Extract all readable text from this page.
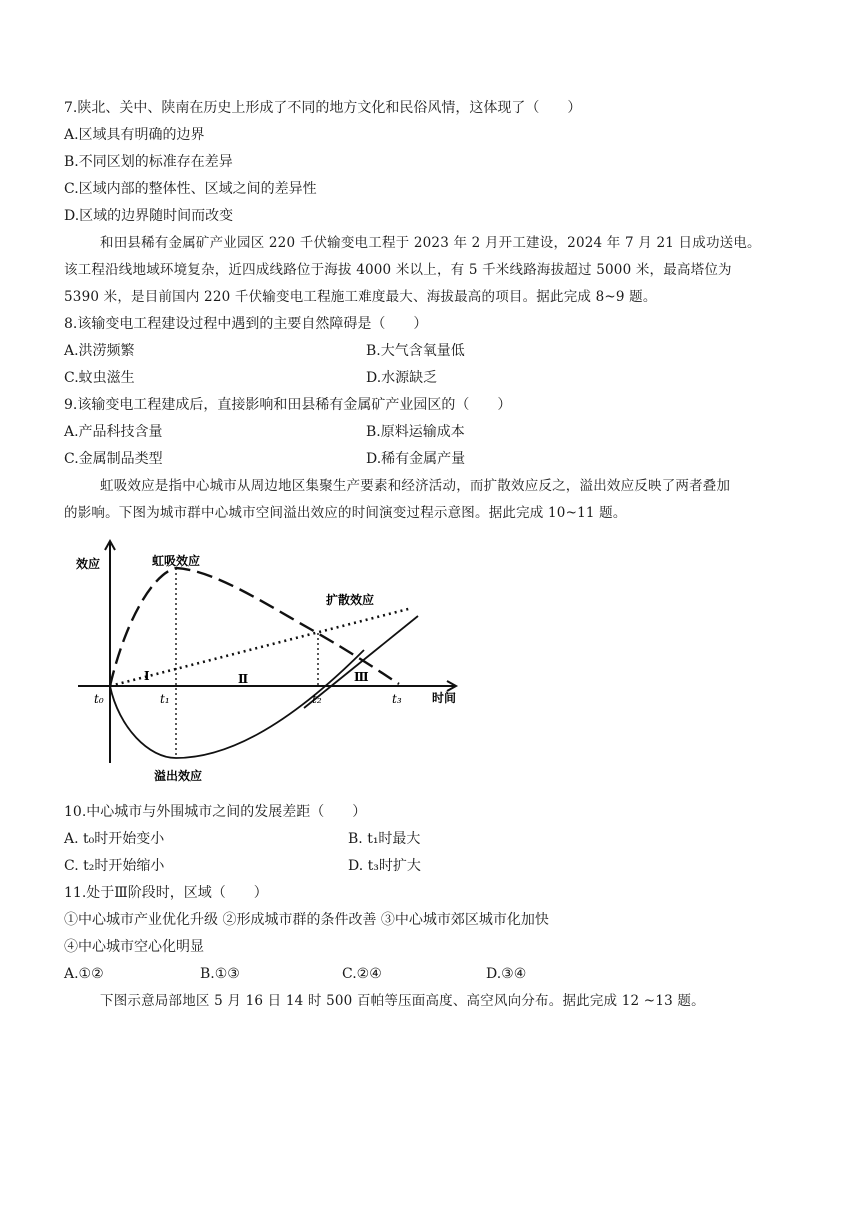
7.陕北、关中、陕南在历史上形成了不同的地方文化和民俗风情，这体现了（　　）
A.区域具有明确的边界
B.不同区划的标准存在差异
C.区域内部的整体性、区域之间的差异性
D.区域的边界随时间而改变
和田县稀有金属矿产业园区 220 千伏输变电工程于 2023 年 2 月开工建设，2024 年 7 月 21 日成功送电。
该工程沿线地域环境复杂，近四成线路位于海拔 4000 米以上，有 5 千米线路海拔超过 5000 米，最高塔位为
5390 米，是目前国内 220 千伏输变电工程施工难度最大、海拔最高的项目。据此完成 8~9 题。
8.该输变电工程建设过程中遇到的主要自然障碍是（　　）
A.洪涝频繁	B.大气含氧量低
C.蚊虫滋生	D.水源缺乏
9.该输变电工程建成后，直接影响和田县稀有金属矿产业园区的（　　）
A.产品科技含量	B.原料运输成本
C.金属制品类型	D.稀有金属产量
虹吸效应是指中心城市从周边地区集聚生产要素和经济活动，而扩散效应反之，溢出效应反映了两者叠加
的影响。下图为城市群中心城市空间溢出效应的时间演变过程示意图。据此完成 10~11 题。
效应
时间
虹吸效应
扩散效应
溢出效应
t₀	t₁	t₂	t₃
Ⅰ	Ⅱ	Ⅲ
10.中心城市与外围城市之间的发展差距（　　）
A. t₀时开始变小	B. t₁时最大
C. t₂时开始缩小	D. t₃时扩大
11.处于Ⅲ阶段时，区域（　　）
①中心城市产业优化升级 ②形成城市群的条件改善 ③中心城市郊区城市化加快
④中心城市空心化明显
A.①②	B.①③	C.②④	D.③④
下图示意局部地区 5 月 16 日 14 时 500 百帕等压面高度、高空风向分布。据此完成 12 ~13 题。
